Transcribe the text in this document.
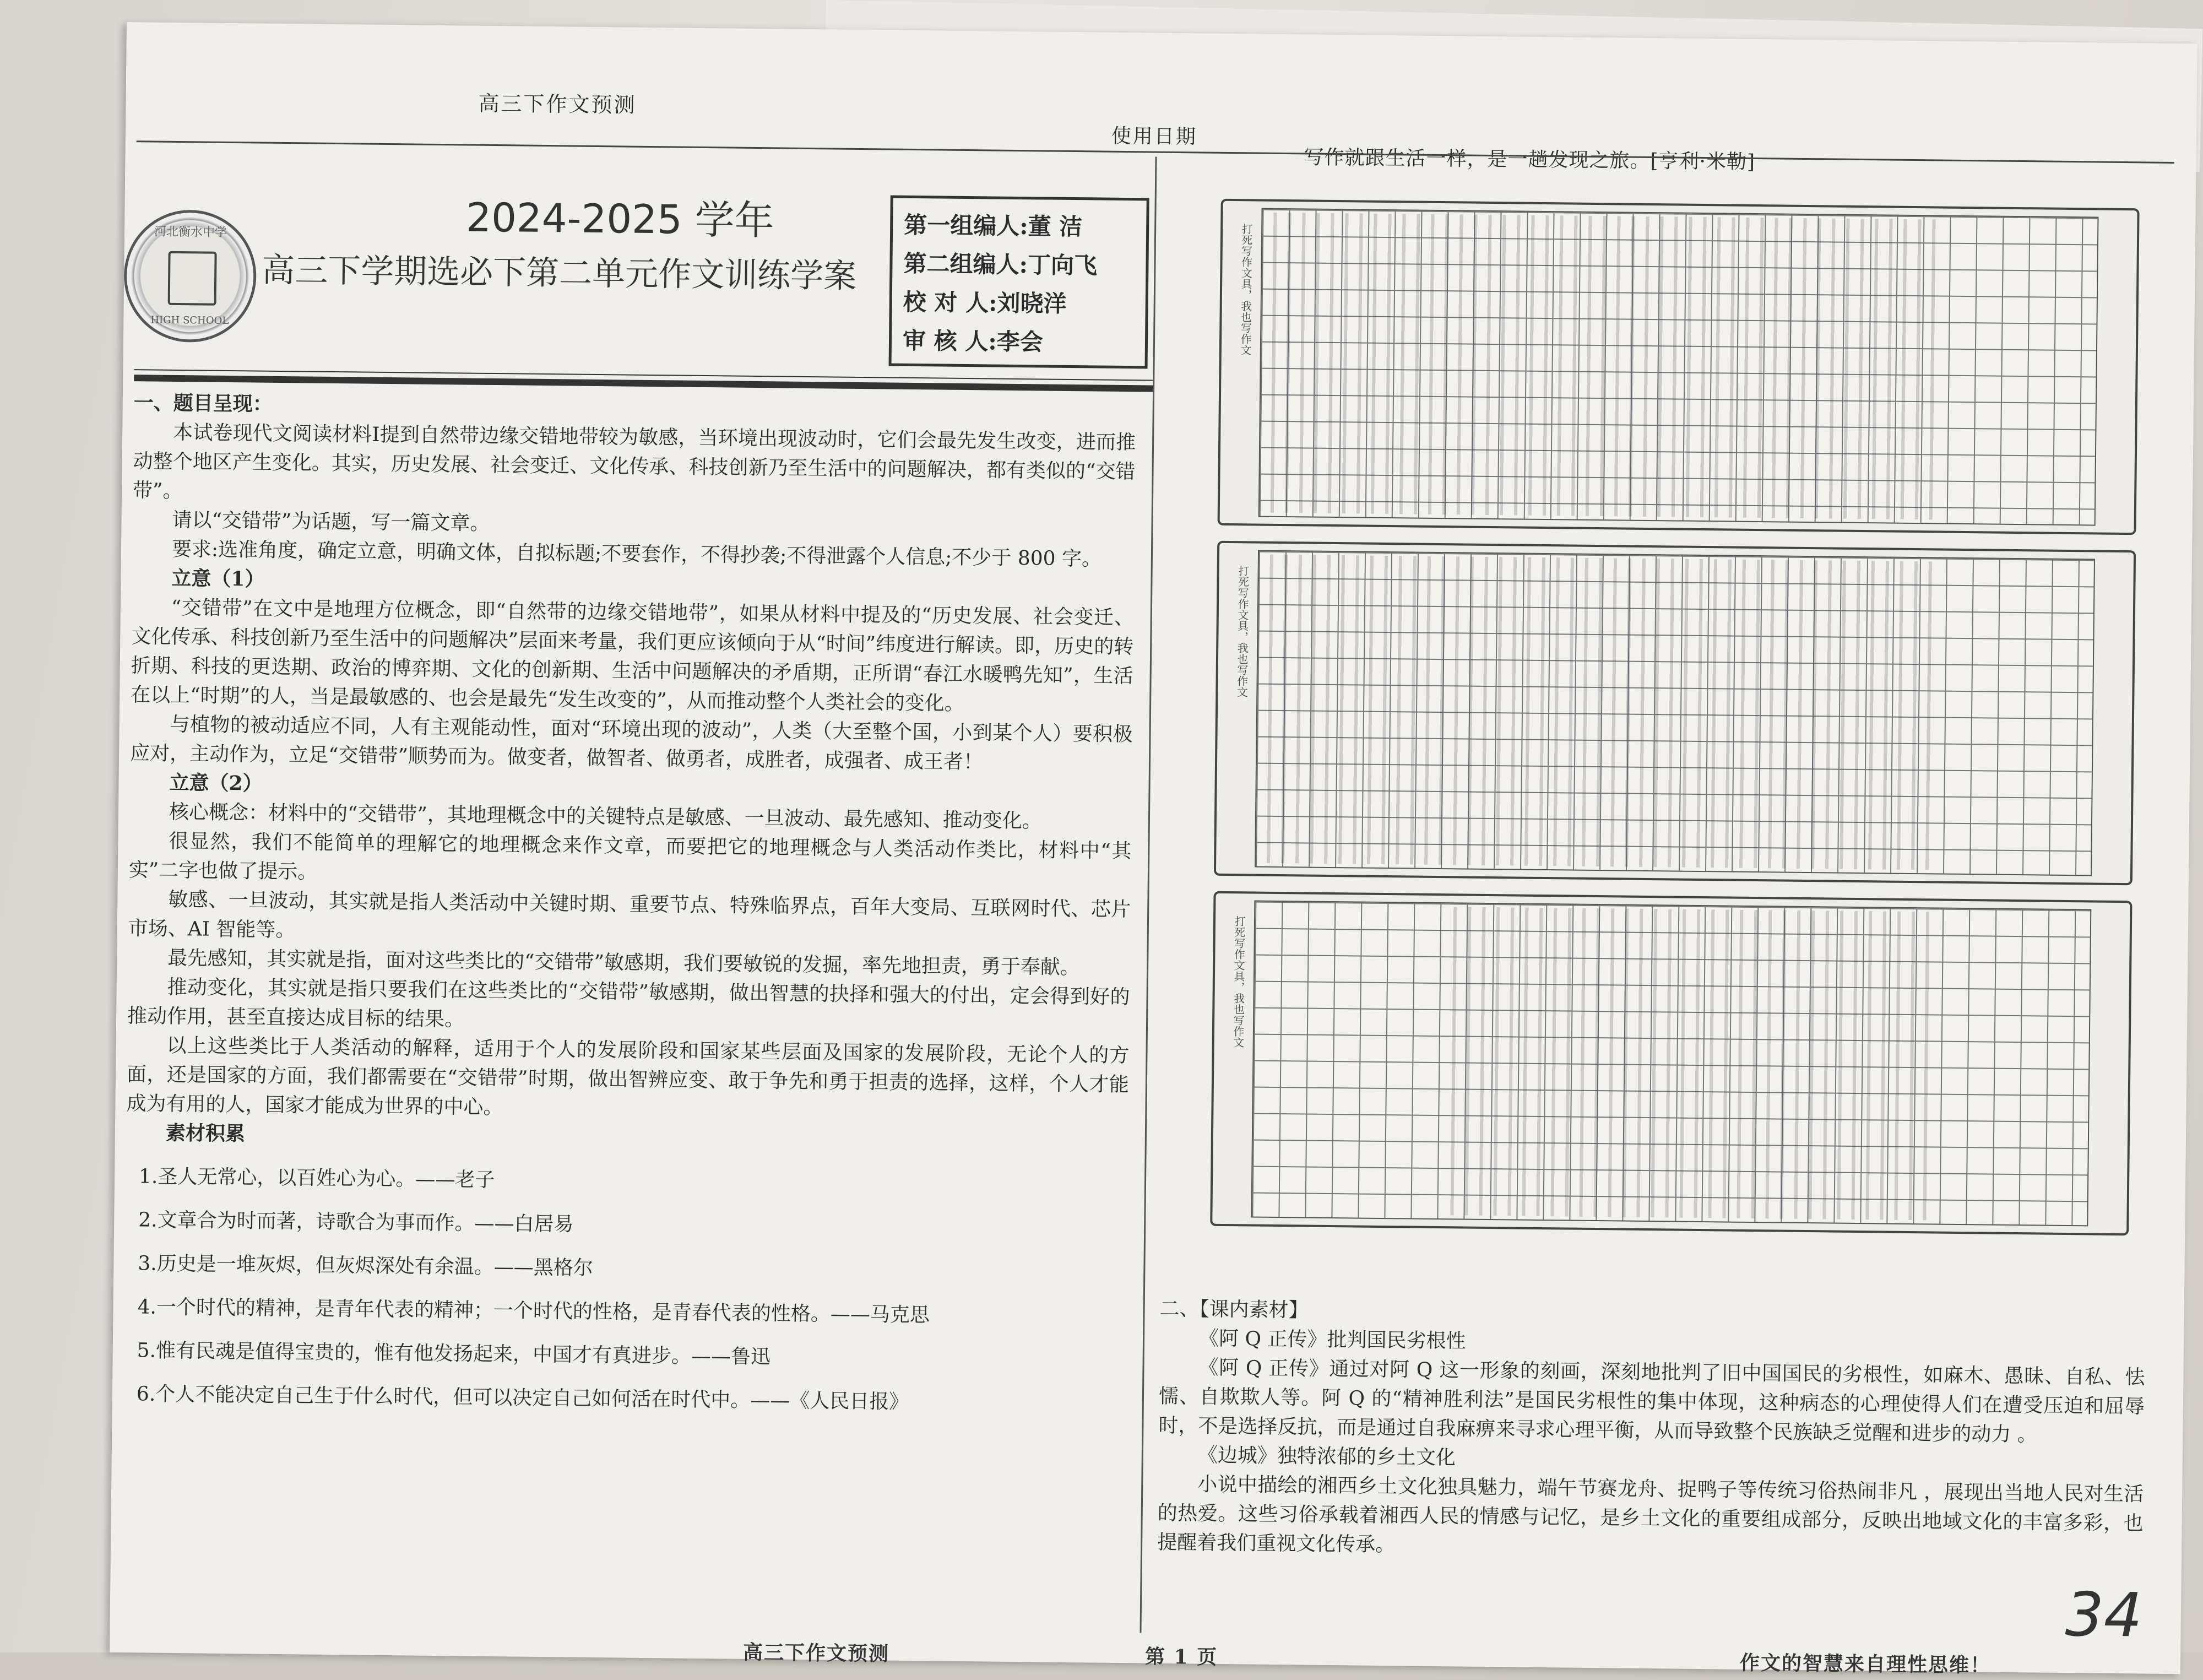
高三下作文预测
使用日期
写作就跟生活一样，是一趟发现之旅。[亨利·米勒]
河北衡水中学
HIGH SCHOOL
2024-2025 学年
高三下学期选必下第二单元作文训练学案
第一组编人:董 洁
第二组编人:丁向飞
校 对 人:刘晓洋
审 核 人:李会

一、题目呈现：

本试卷现代文阅读材料Ⅰ提到自然带边缘交错地带较为敏感，当环境出现波动时，它们会最先发生改变，进而推动整个地区产生变化。其实，历史发展、社会变迁、文化传承、科技创新乃至生活中的问题解决，都有类似的“交错带”。

请以“交错带”为话题，写一篇文章。

要求:选准角度，确定立意，明确文体，自拟标题;不要套作，不得抄袭;不得泄露个人信息;不少于 800 字。

立意（1）

“交错带”在文中是地理方位概念，即“自然带的边缘交错地带”，如果从材料中提及的“历史发展、社会变迁、文化传承、科技创新乃至生活中的问题解决”层面来考量，我们更应该倾向于从“时间”纬度进行解读。即，历史的转折期、科技的更迭期、政治的博弈期、文化的创新期、生活中问题解决的矛盾期，正所谓“春江水暖鸭先知”，生活在以上“时期”的人，当是最敏感的、也会是最先“发生改变的”，从而推动整个人类社会的变化。

与植物的被动适应不同，人有主观能动性，面对“环境出现的波动”，人类（大至整个国，小到某个人）要积极应对，主动作为，立足“交错带”顺势而为。做变者，做智者、做勇者，成胜者，成强者、成王者！

立意（2）

核心概念：材料中的“交错带”，其地理概念中的关键特点是敏感、一旦波动、最先感知、推动变化。

很显然，我们不能简单的理解它的地理概念来作文章，而要把它的地理概念与人类活动作类比，材料中“其实”二字也做了提示。

敏感、一旦波动，其实就是指人类活动中关键时期、重要节点、特殊临界点，百年大变局、互联网时代、芯片市场、AI 智能等。

最先感知，其实就是指，面对这些类比的“交错带”敏感期，我们要敏锐的发掘，率先地担责，勇于奉献。

推动变化，其实就是指只要我们在这些类比的“交错带”敏感期，做出智慧的抉择和强大的付出，定会得到好的推动作用，甚至直接达成目标的结果。

以上这些类比于人类活动的解释，适用于个人的发展阶段和国家某些层面及国家的发展阶段，无论个人的方面，还是国家的方面，我们都需要在“交错带”时期，做出智辨应变、敢于争先和勇于担责的选择，这样，个人才能成为有用的人，国家才能成为世界的中心。

素材积累

1.圣人无常心，以百姓心为心。——老子

2.文章合为时而著，诗歌合为事而作。——白居易

3.历史是一堆灰烬，但灰烬深处有余温。——黑格尔

4.一个时代的精神，是青年代表的精神；一个时代的性格，是青春代表的性格。——马克思

5.惟有民魂是值得宝贵的，惟有他发扬起来，中国才有真进步。——鲁迅

6.个人不能决定自己生于什么时代，但可以决定自己如何活在时代中。——《人民日报》

打死写作文具，我也写作文
打死写作文具，我也写作文
打死写作文具，我也写作文

二、【课内素材】

《阿 Q 正传》批判国民劣根性

《阿 Q 正传》通过对阿 Q 这一形象的刻画，深刻地批判了旧中国国民的劣根性，如麻木、愚昧、自私、怯懦、自欺欺人等。阿 Q 的“精神胜利法”是国民劣根性的集中体现，这种病态的心理使得人们在遭受压迫和屈辱时，不是选择反抗，而是通过自我麻痹来寻求心理平衡，从而导致整个民族缺乏觉醒和进步的动力 。

《边城》独特浓郁的乡土文化

小说中描绘的湘西乡土文化独具魅力，端午节赛龙舟、捉鸭子等传统习俗热闹非凡 ，展现出当地人民对生活的热爱。这些习俗承载着湘西人民的情感与记忆，是乡土文化的重要组成部分，反映出地域文化的丰富多彩，也提醒着我们重视文化传承。

34
高三下作文预测	第 1 页	作文的智慧来自理性思维！
